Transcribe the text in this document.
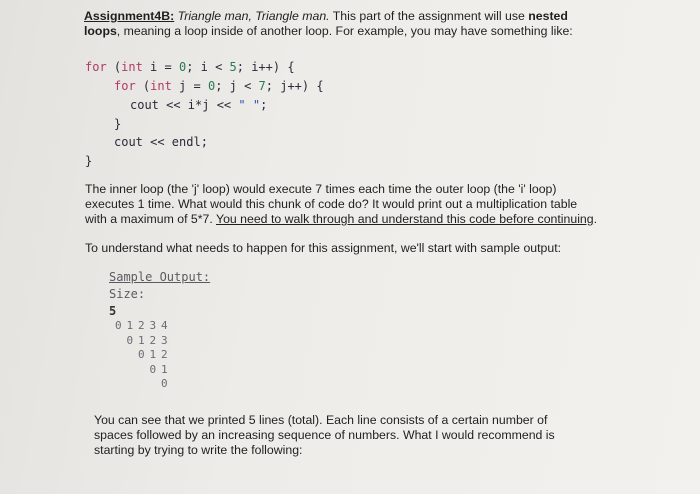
Assignment4B: Triangle man, Triangle man. This part of the assignment will use nested
loops, meaning a loop inside of another loop. For example, you may have something like:
for (int i = 0; i < 5; i++) {
for (int j = 0; j < 7; j++) {
cout << i*j << " ";
}
cout << endl;
}
The inner loop (the 'j' loop) would execute 7 times each time the outer loop (the 'i' loop)
executes 1 time. What would this chunk of code do? It would print out a multiplication table
with a maximum of 5*7. You need to walk through and understand this code before continuing.
To understand what needs to happen for this assignment, we'll start with sample output:
Sample Output:
Size:
5
0 1 2 3 4
0 1 2 3
0 1 2
0 1
0
You can see that we printed 5 lines (total). Each line consists of a certain number of
spaces followed by an increasing sequence of numbers. What I would recommend is
starting by trying to write the following:
